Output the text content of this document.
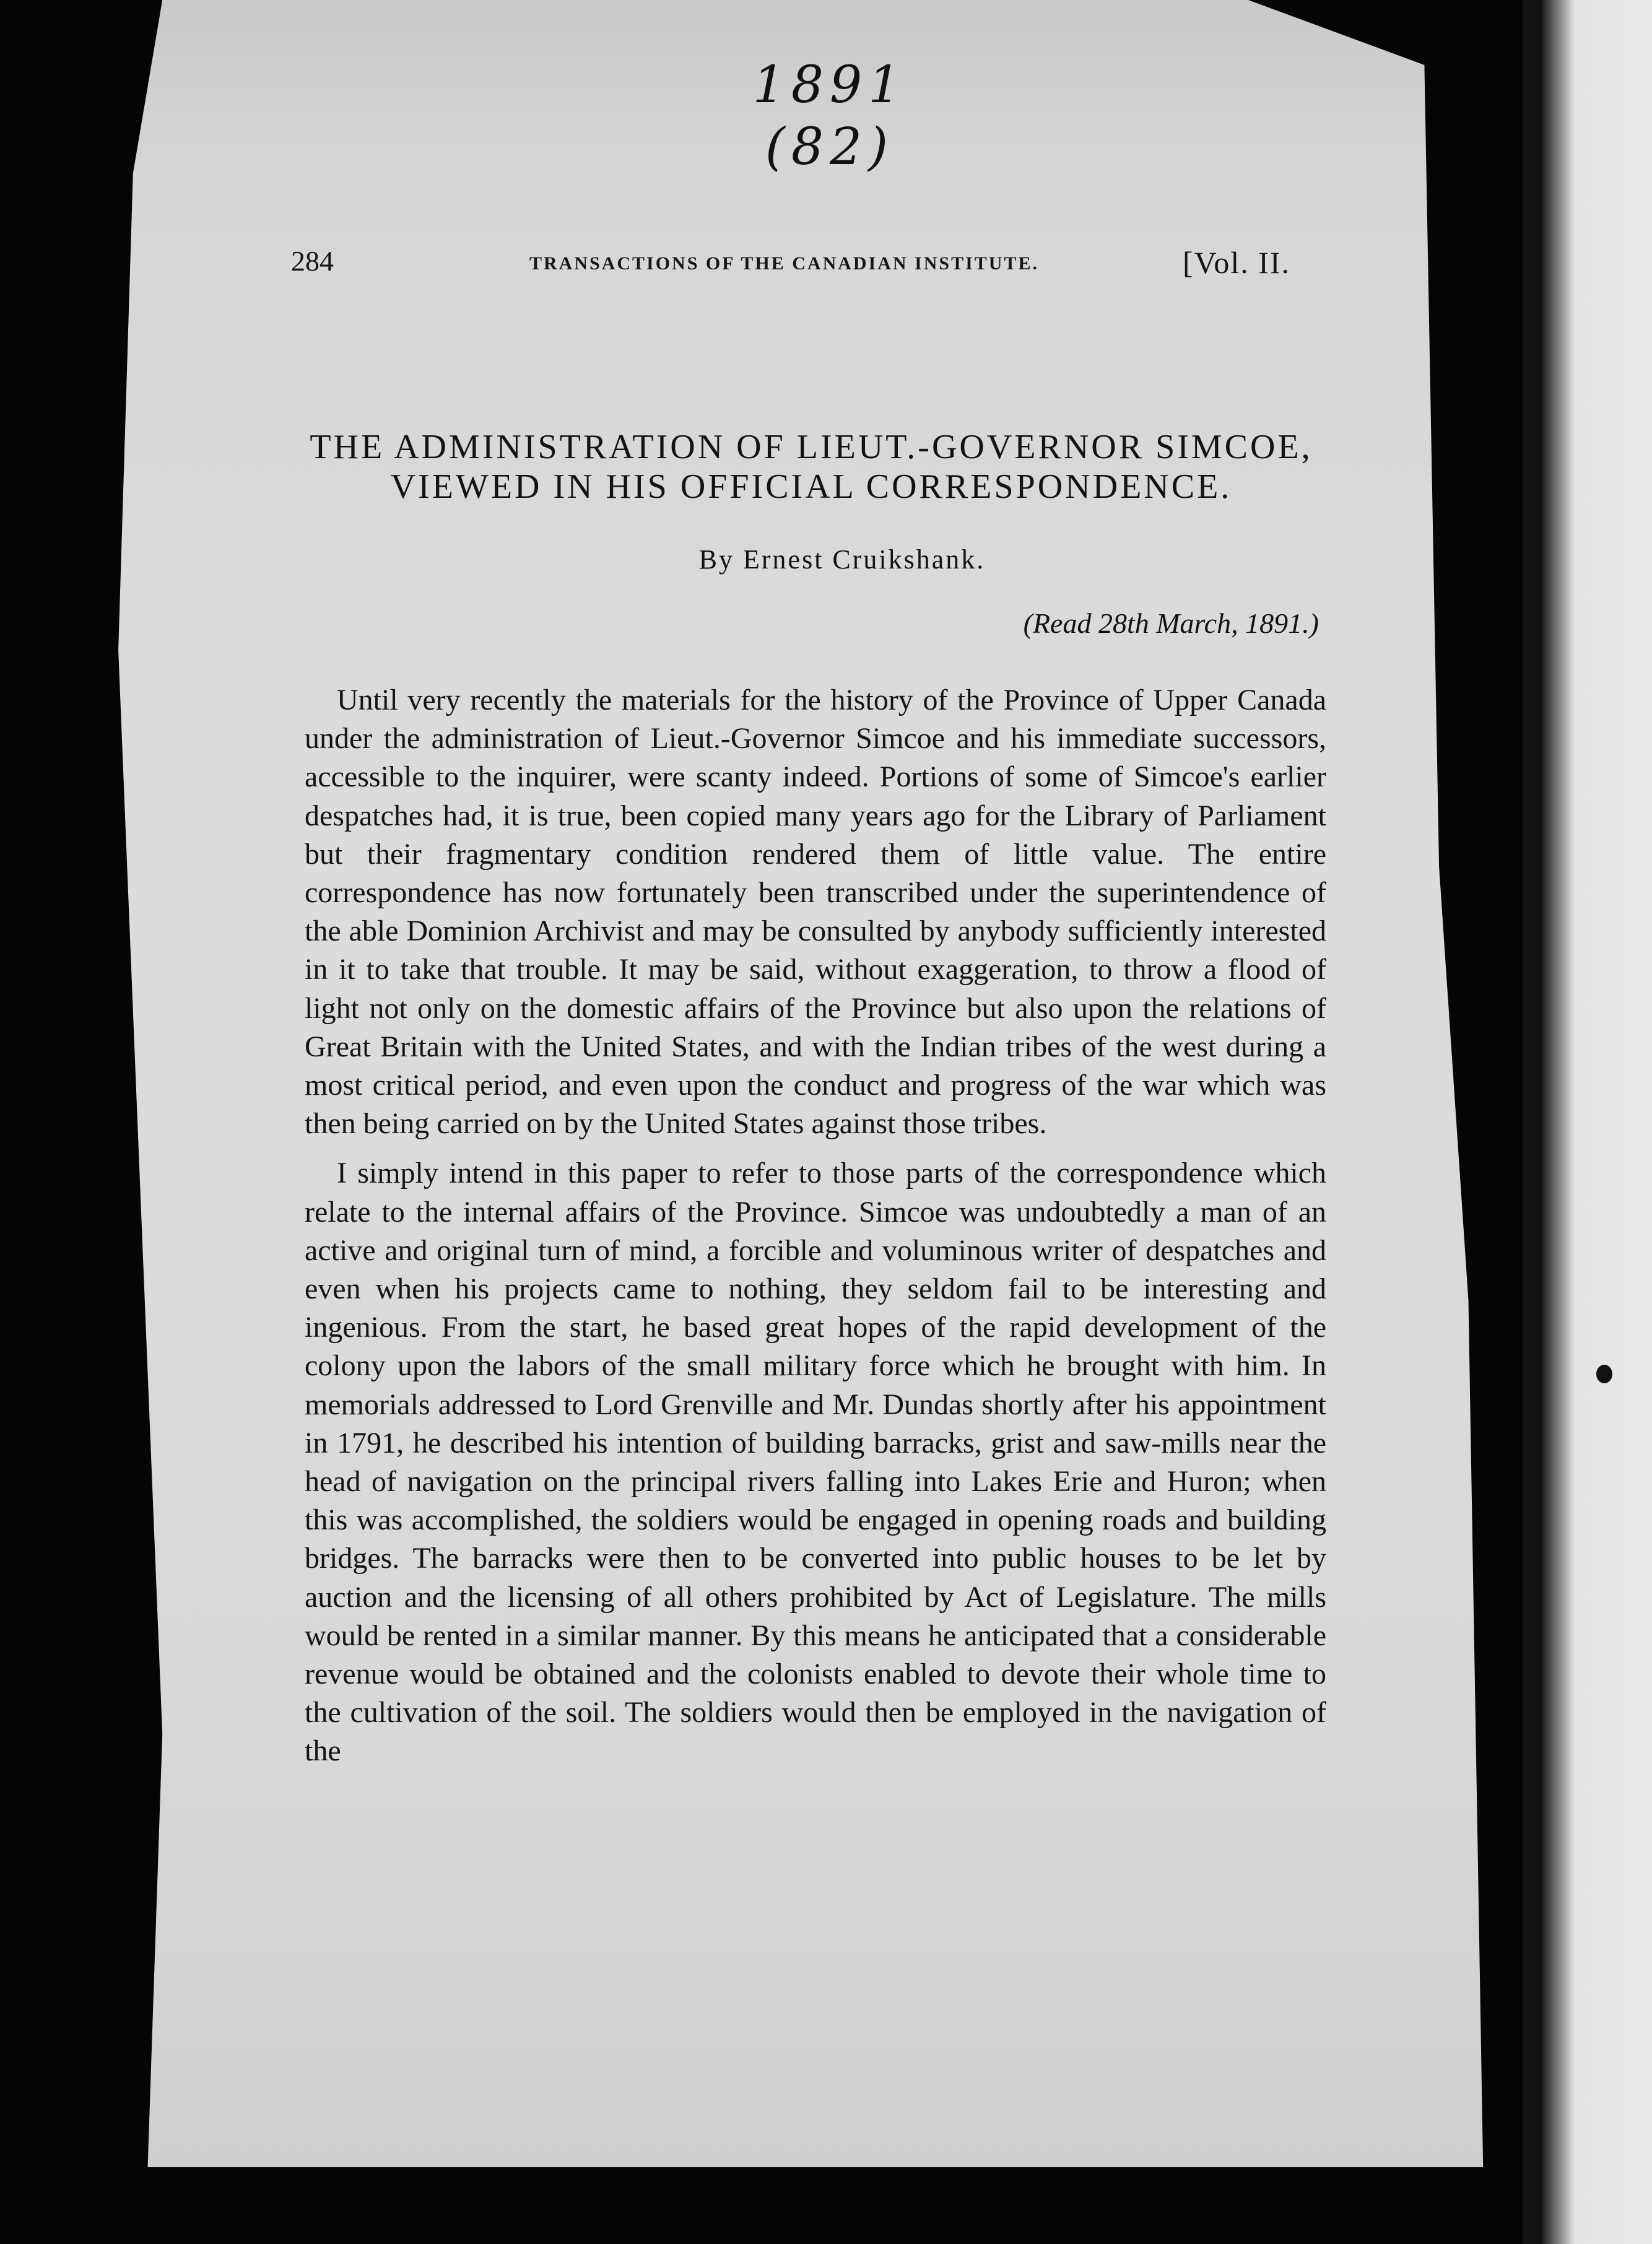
1891
(82)
284	TRANSACTIONS OF THE CANADIAN INSTITUTE.	[Vol. II.
THE ADMINISTRATION OF LIEUT.-GOVERNOR SIMCOE,
VIEWED IN HIS OFFICIAL CORRESPONDENCE.
By Ernest Cruikshank.
(Read 28th March, 1891.)

Until very recently the materials for the history of the Province of Upper Canada under the administration of Lieut.-Governor Simcoe and his immediate successors, accessible to the inquirer, were scanty indeed. Portions of some of Simcoe's earlier despatches had, it is true, been copied many years ago for the Library of Parliament but their fragmentary condition rendered them of little value. The entire correspondence has now fortunately been transcribed under the superintendence of the able Dominion Archivist and may be consulted by anybody sufficiently interested in it to take that trouble. It may be said, without exaggeration, to throw a flood of light not only on the domestic affairs of the Province but also upon the relations of Great Britain with the United States, and with the Indian tribes of the west during a most critical period, and even upon the conduct and progress of the war which was then being carried on by the United States against those tribes.

I simply intend in this paper to refer to those parts of the correspondence which relate to the internal affairs of the Province. Simcoe was undoubtedly a man of an active and original turn of mind, a forcible and voluminous writer of despatches and even when his projects came to nothing, they seldom fail to be interesting and ingenious. From the start, he based great hopes of the rapid development of the colony upon the labors of the small military force which he brought with him. In memorials addressed to Lord Grenville and Mr. Dundas shortly after his appointment in 1791, he described his intention of building barracks, grist and saw-mills near the head of navigation on the principal rivers falling into Lakes Erie and Huron; when this was accomplished, the soldiers would be engaged in opening roads and building bridges. The barracks were then to be converted into public houses to be let by auction and the licensing of all others prohibited by Act of Legislature. The mills would be rented in a similar manner. By this means he anticipated that a considerable revenue would be obtained and the colonists enabled to devote their whole time to the cultivation of the soil. The soldiers would then be employed in the navigation of the
